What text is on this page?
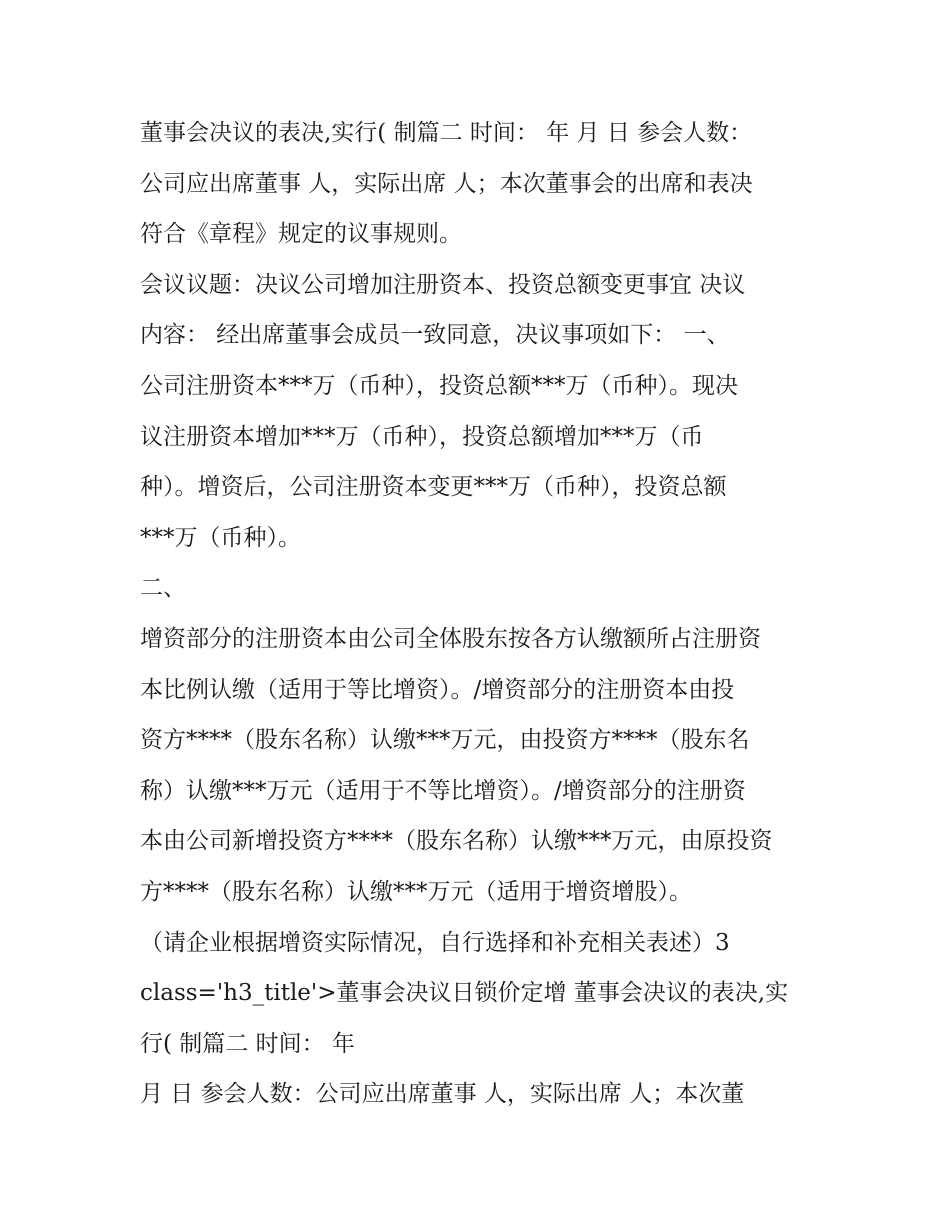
董事会决议的表决,实行( 制篇二 时间： 年 月 日 参会人数：
公司应出席董事 人，实际出席 人；本次董事会的出席和表决
符合《章程》规定的议事规则。
会议议题：决议公司增加注册资本、投资总额变更事宜 决议
内容： 经出席董事会成员一致同意，决议事项如下： 一、
公司注册资本***万（币种），投资总额***万（币种）。现决
议注册资本增加***万（币种），投资总额增加***万（币
种）。增资后，公司注册资本变更***万（币种），投资总额
***万（币种）。
二、
增资部分的注册资本由公司全体股东按各方认缴额所占注册资
本比例认缴（适用于等比增资）。/增资部分的注册资本由投
资方****（股东名称）认缴***万元，由投资方****（股东名
称）认缴***万元（适用于不等比增资）。/增资部分的注册资
本由公司新增投资方****（股东名称）认缴***万元，由原投资
方****（股东名称）认缴***万元（适用于增资增股）。
（请企业根据增资实际情况，自行选择和补充相关表述）3
class='h3_title'>董事会决议日锁价定增 董事会决议的表决,实
行( 制篇二 时间： 年
月 日 参会人数：公司应出席董事 人，实际出席 人；本次董
